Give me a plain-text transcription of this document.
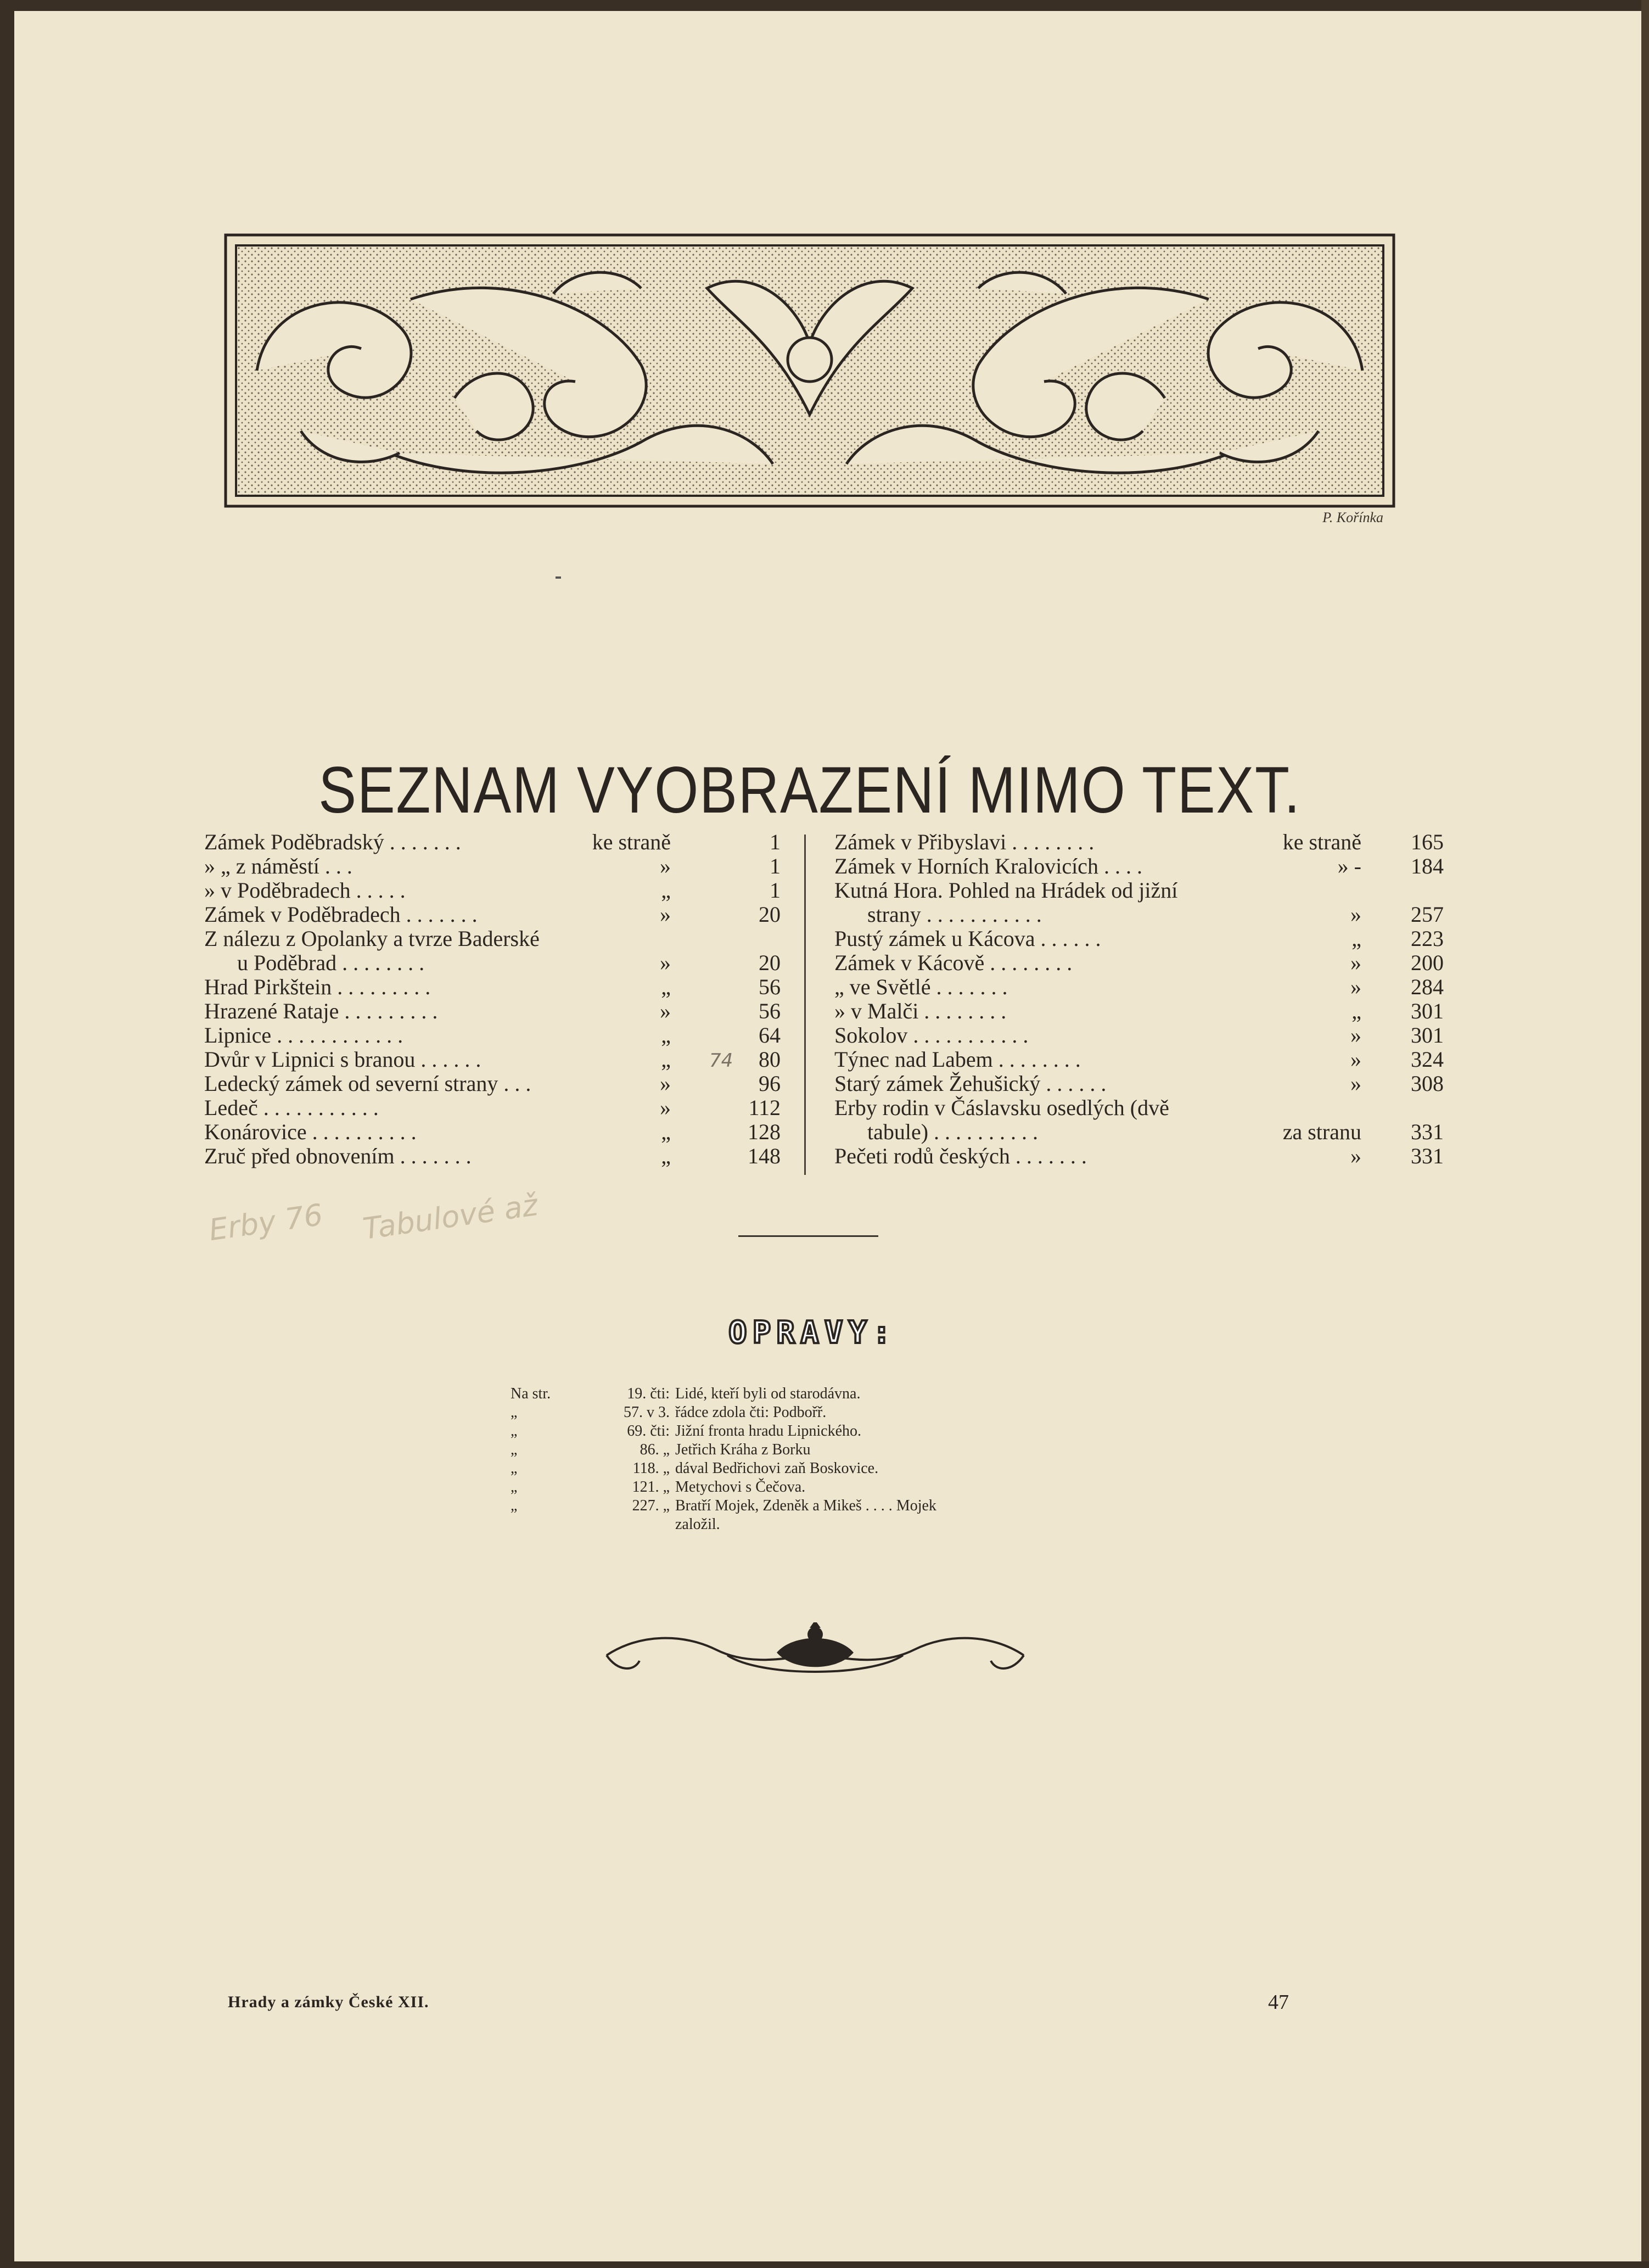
P. Kořínka
SEZNAM VYOBRAZENÍ MIMO TEXT.
Zámek Poděbradský . . . . . . .	ke straně	1
» „ z náměstí . . .	»	1
» v Poděbradech . . . . .	„	1
Zámek v Poděbradech . . . . . . .	»	20
Z nálezu z Opolanky a tvrze Baderské
u Poděbrad . . . . . . . .	»	20
Hrad Pirkštein . . . . . . . . .	„	56
Hrazené Rataje . . . . . . . . .	»	56
Lipnice . . . . . . . . . . . .	„	64
Dvůr v Lipnici s branou . . . . . .	„	80
Ledecký zámek od severní strany . . .	»	96
Ledeč . . . . . . . . . . .	»	112
Konárovice . . . . . . . . . .	„	128
Zruč před obnovením . . . . . . .	„	148
Zámek v Přibyslavi . . . . . . . .	ke straně 165
Zámek v Horních Kralovicích . . . .	» - 184
Kutná Hora. Pohled na Hrádek od jižní
strany . . . . . . . . . . .	» 257
Pustý zámek u Kácova . . . . . .	„ 223
Zámek v Kácově . . . . . . . .	» 200
„ ve Světlé . . . . . . .	» 284
» v Malči . . . . . . . .	„ 301
Sokolov . . . . . . . . . . .	» 301
Týnec nad Labem . . . . . . . .	» 324
Starý zámek Žehušický . . . . . .	» 308
Erby rodin v Čáslavsku osedlých (dvě
tabule) . . . . . . . . . .	za stranu 331
Pečeti rodů českých . . . . . . .	» 331
Erby 76 Tabulové až
74
OPRAVY:
Na str.	19. čti: Lidé, kteří byli od starodávna.
„	57. v 3. řádce zdola čti: Podbořř.
„	69. čti: Jižní fronta hradu Lipnického.
„	86. „ Jetřich Kráha z Borku
„	118. „ dával Bedřichovi zaň Boskovice.
„	121. „ Metychovi s Čečova.
„	227. „ Bratří Mojek, Zdeněk a Mikeš . . . . Mojek
založil.
Hrady a zámky České XII.	47
